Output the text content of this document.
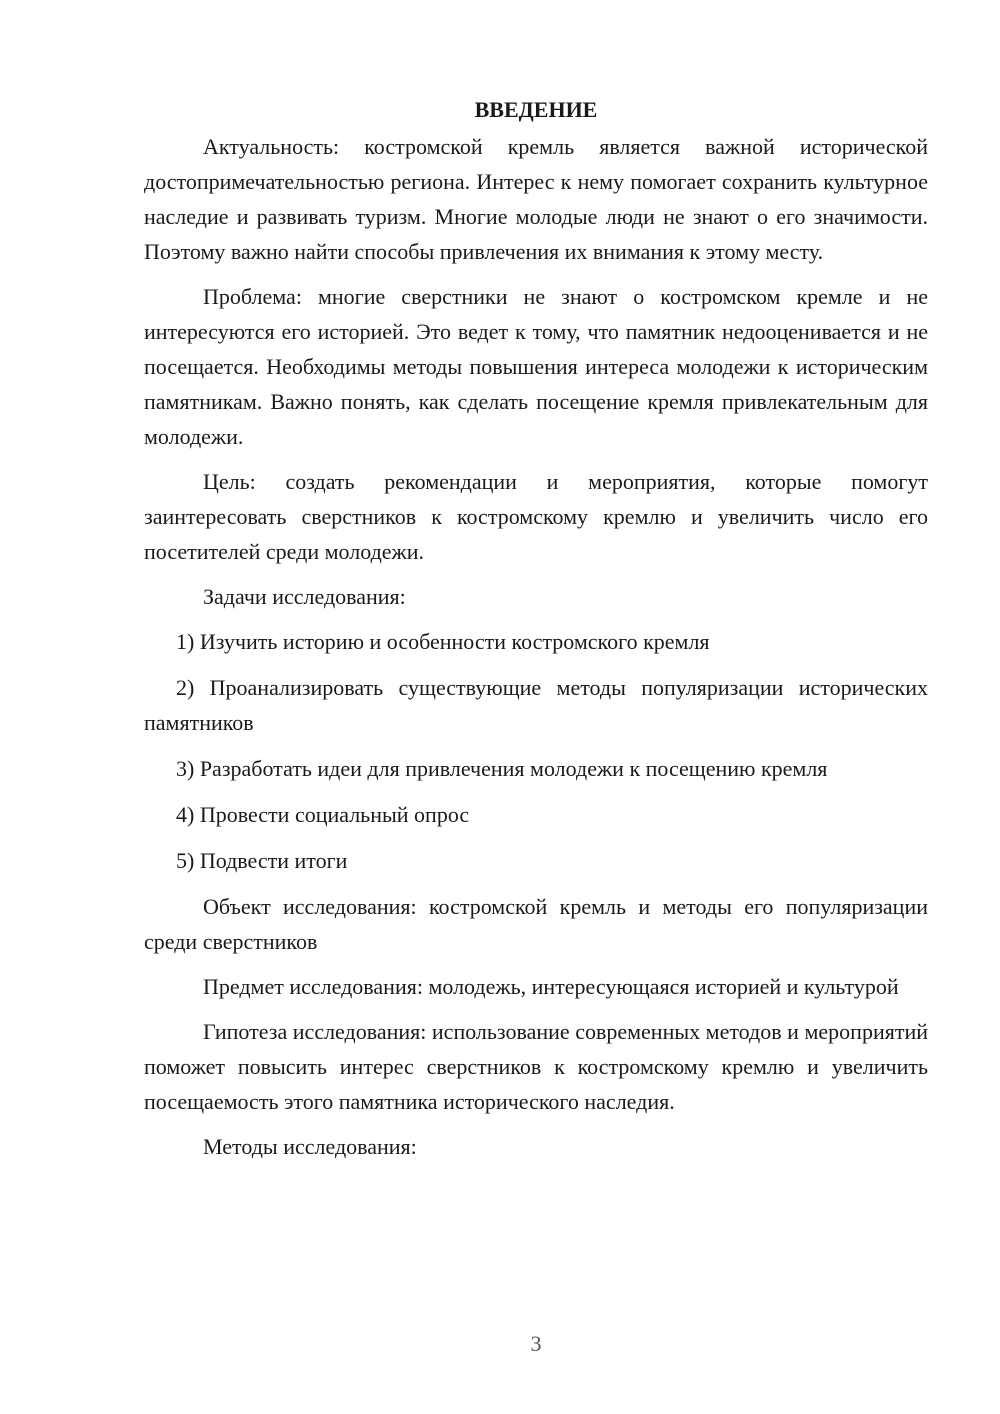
ВВЕДЕНИЕ

Актуальность: костромской кремль является важной исторической достопримечательностью региона. Интерес к нему помогает сохранить культурное наследие и развивать туризм. Многие молодые люди не знают о его значимости. Поэтому важно найти способы привлечения их внимания к этому месту.

Проблема: многие сверстники не знают о костромском кремле и не интересуются его историей. Это ведет к тому, что памятник недооценивается и не посещается. Необходимы методы повышения интереса молодежи к историческим памятникам. Важно понять, как сделать посещение кремля привлекательным для молодежи.

Цель: создать рекомендации и мероприятия, которые помогут заинтересовать сверстников к костромскому кремлю и увеличить число его посетителей среди молодежи.

Задачи исследования:

1) Изучить историю и особенности костромского кремля

2) Проанализировать существующие методы популяризации исторических памятников

3) Разработать идеи для привлечения молодежи к посещению кремля

4) Провести социальный опрос

5) Подвести итоги

Объект исследования: костромской кремль и методы его популяризации среди сверстников

Предмет исследования: молодежь, интересующаяся историей и культурой

Гипотеза исследования: использование современных методов и мероприятий поможет повысить интерес сверстников к костромскому кремлю и увеличить посещаемость этого памятника исторического наследия.

Методы исследования:

3
